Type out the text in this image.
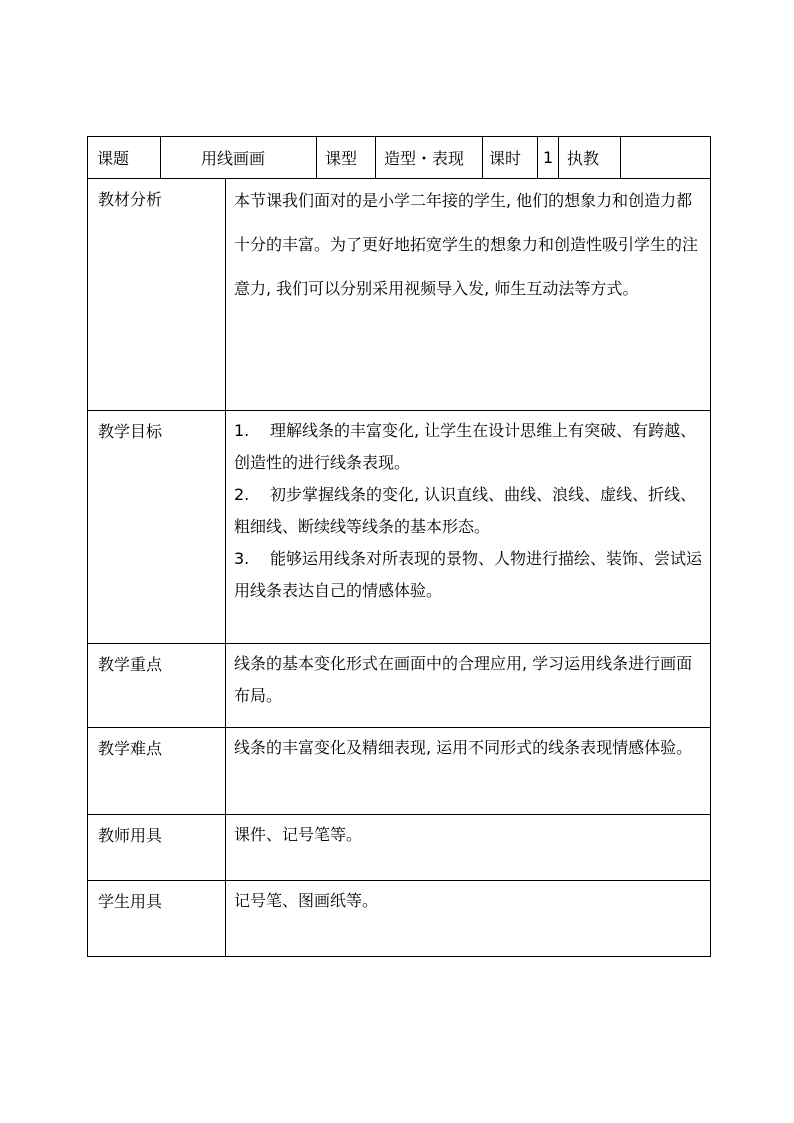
课题	用线画画	课型 造型・表现 课时 1 执教
教材分析	本节课我们面对的是小学二年接的学生, 他们的想象力和创造力都十分的丰富。为了更好地拓宽学生的想象力和创造性吸引学生的注意力, 我们可以分别采用视频导入发, 师生互动法等方式。
教学目标	1. 理解线条的丰富变化, 让学生在设计思维上有突破、有跨越、创造性的进行线条表现。
2. 初步掌握线条的变化, 认识直线、曲线、浪线、虚线、折线、粗细线、断续线等线条的基本形态。
3. 能够运用线条对所表现的景物、人物进行描绘、装饰、尝试运用线条表达自己的情感体验。
教学重点	线条的基本变化形式在画面中的合理应用, 学习运用线条进行画面布局。
教学难点	线条的丰富变化及精细表现, 运用不同形式的线条表现情感体验。
教师用具	课件、记号笔等。
学生用具	记号笔、图画纸等。
